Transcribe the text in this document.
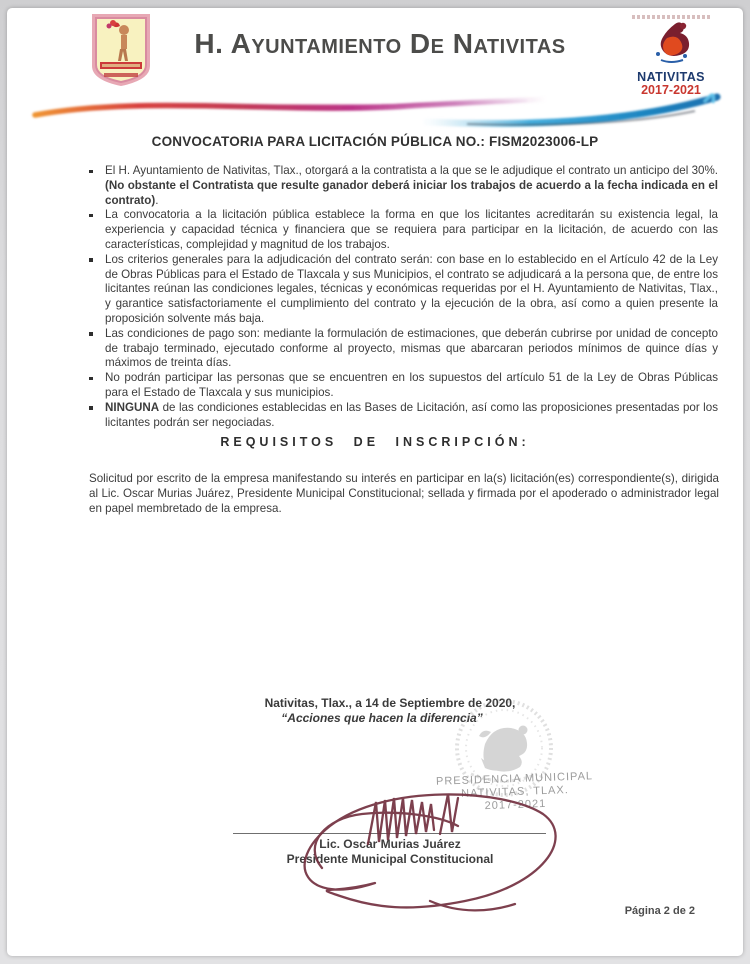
H. Ayuntamiento De Nativitas
NATIVITAS
2017-2021
CONVOCATORIA PARA LICITACIÓN PÚBLICA NO.: FISM2023006-LP
El H. Ayuntamiento de Nativitas, Tlax., otorgará a la contratista a la que se le adjudique el contrato un anticipo del 30%. (No obstante el Contratista que resulte ganador deberá iniciar los trabajos de acuerdo a la fecha indicada en el contrato).
La convocatoria a la licitación pública establece la forma en que los licitantes acreditarán su existencia legal, la experiencia y capacidad técnica y financiera que se requiera para participar en la licitación, de acuerdo con las características, complejidad y magnitud de los trabajos.
Los criterios generales para la adjudicación del contrato serán: con base en lo establecido en el Artículo 42 de la Ley de Obras Públicas para el Estado de Tlaxcala y sus Municipios, el contrato se adjudicará a la persona que, de entre los licitantes reúnan las condiciones legales, técnicas y económicas requeridas por el H. Ayuntamiento de Nativitas, Tlax., y garantice satisfactoriamente el cumplimiento del contrato y la ejecución de la obra, así como a quien presente la proposición solvente más baja.
Las condiciones de pago son: mediante la formulación de estimaciones, que deberán cubrirse por unidad de concepto de trabajo terminado, ejecutado conforme al proyecto, mismas que abarcaran periodos mínimos de quince días y máximos de treinta días.
No podrán participar las personas que se encuentren en los supuestos del artículo 51 de la Ley de Obras Públicas para el Estado de Tlaxcala y sus municipios.
NINGUNA de las condiciones establecidas en las Bases de Licitación, así como las proposiciones presentadas por los licitantes podrán ser negociadas.
REQUISITOS DE INSCRIPCIÓN:

Solicitud por escrito de la empresa manifestando su interés en participar en la(s) licitación(es) correspondiente(s), dirigida al Lic. Oscar Murias Juárez, Presidente Municipal Constitucional; sellada y firmada por el apoderado o administrador legal en papel membretado de la empresa.

Nativitas, Tlax., a 14 de Septiembre de 2020,
“Acciones que hacen la diferencia”
PRESIDENCIA MUNICIPAL
NATIVITAS, TLAX.
2017-2021
Lic. Oscar Murias Juárez
Presidente Municipal Constitucional
Página 2 de 2
